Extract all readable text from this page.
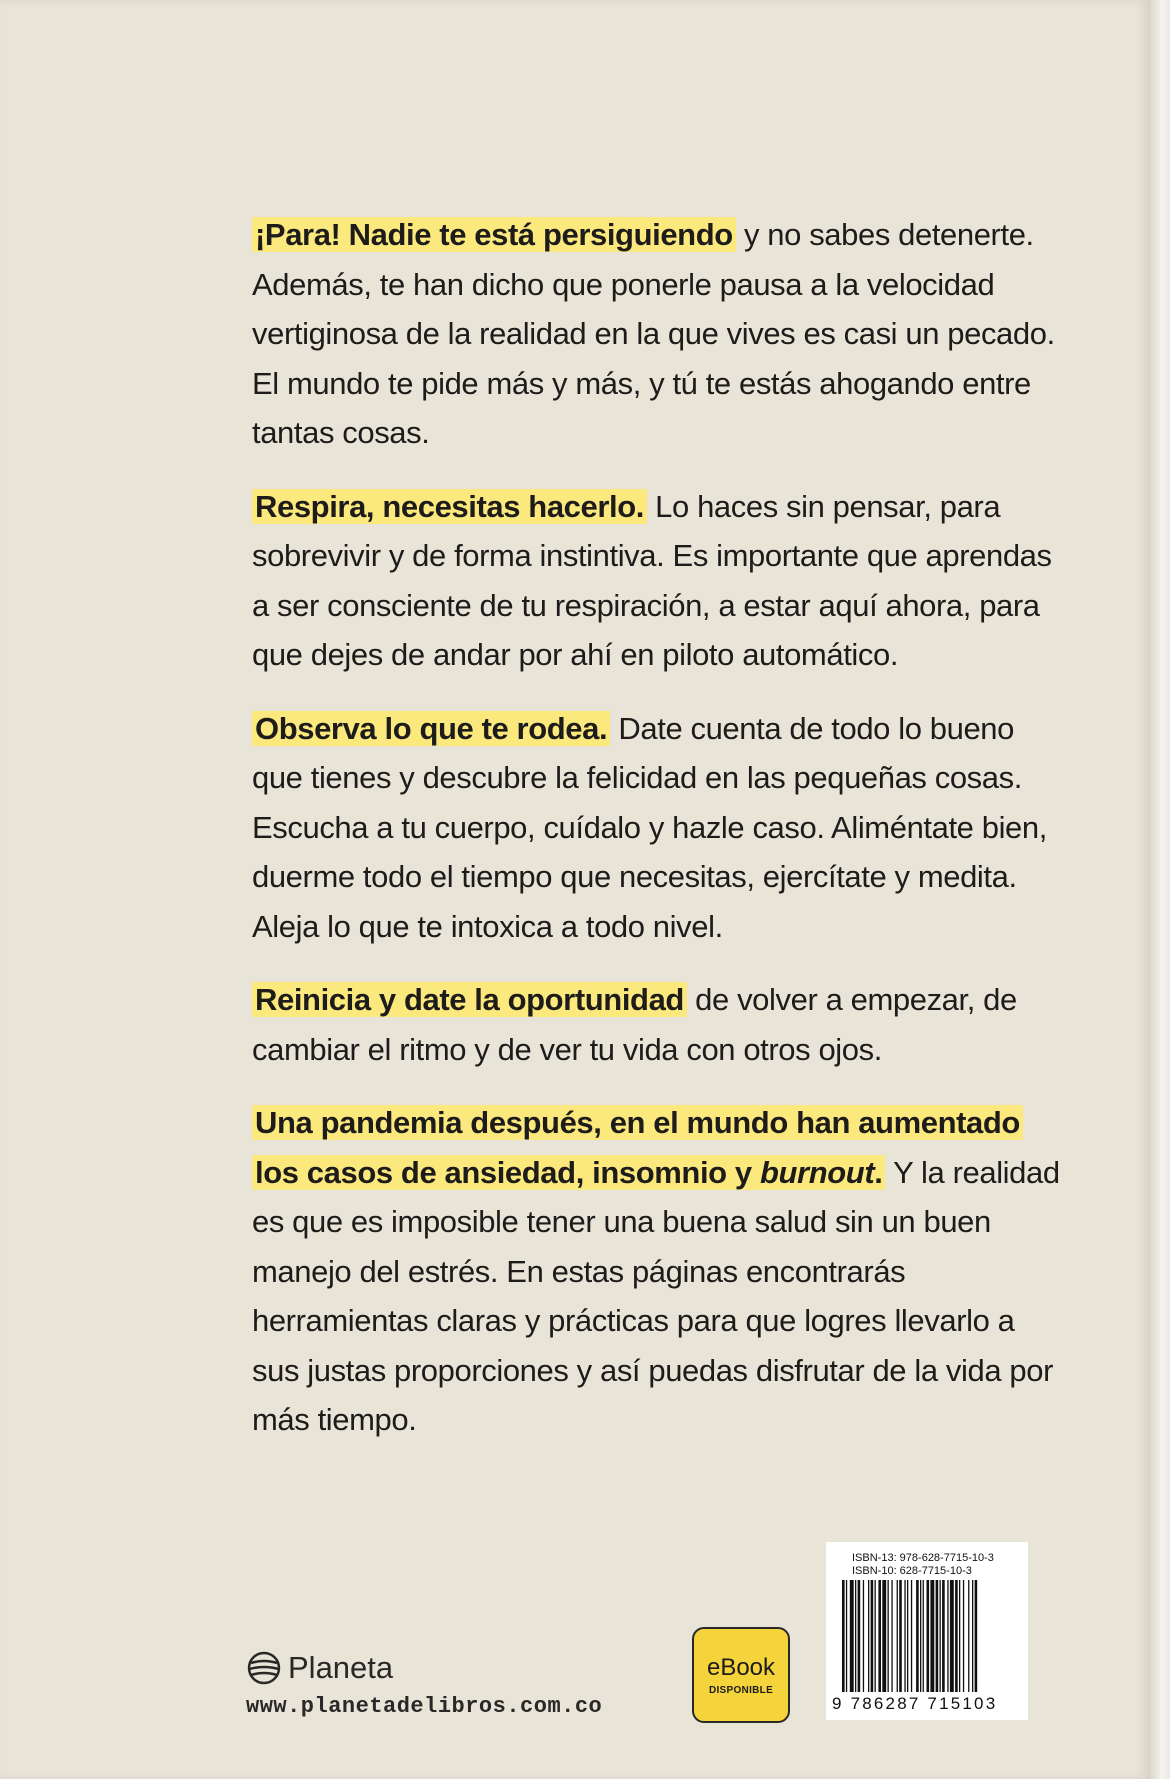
¡Para! Nadie te está persiguiendo y no sabes detenerte. Además, te han dicho que ponerle pausa a la velocidad vertiginosa de la realidad en la que vives es casi un pecado. El mundo te pide más y más, y tú te estás ahogando entre tantas cosas.

Respira, necesitas hacerlo. Lo haces sin pensar, para sobrevivir y de forma instintiva. Es importante que aprendas a ser consciente de tu respiración, a estar aquí ahora, para que dejes de andar por ahí en piloto automático.

Observa lo que te rodea. Date cuenta de todo lo bueno que tienes y descubre la felicidad en las pequeñas cosas. Escucha a tu cuerpo, cuídalo y hazle caso. Aliméntate bien, duerme todo el tiempo que necesitas, ejercítate y medita. Aleja lo que te intoxica a todo nivel.

Reinicia y date la oportunidad de volver a empezar, de cambiar el ritmo y de ver tu vida con otros ojos.

Una pandemia después, en el mundo han aumentado los casos de ansiedad, insomnio y burnout. Y la realidad es que es imposible tener una buena salud sin un buen manejo del estrés. En estas páginas encontrarás herramientas claras y prácticas para que logres llevarlo a sus justas proporciones y así puedas disfrutar de la vida por más tiempo.

Planeta
www.planetadelibros.com.co
eBook
DISPONIBLE
ISBN-13: 978-628-7715-10-3
ISBN-10: 628-7715-10-3
9 786287 715103
